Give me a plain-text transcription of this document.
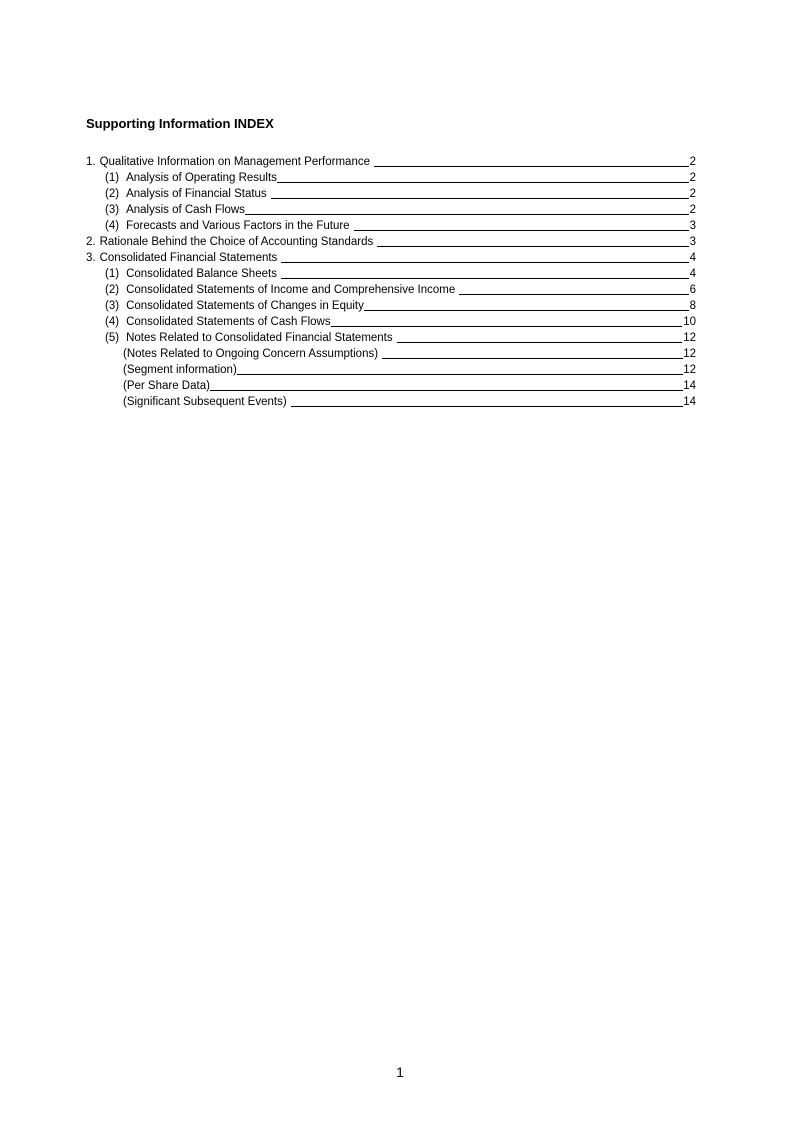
Supporting Information INDEX
1. Qualitative Information on Management Performance	2
(1) Analysis of Operating Results	2
(2) Analysis of Financial Status	2
(3) Analysis of Cash Flows	2
(4) Forecasts and Various Factors in the Future	3
2. Rationale Behind the Choice of Accounting Standards	3
3. Consolidated Financial Statements	4
(1) Consolidated Balance Sheets	4
(2) Consolidated Statements of Income and Comprehensive Income	6
(3) Consolidated Statements of Changes in Equity	8
(4) Consolidated Statements of Cash Flows	10
(5) Notes Related to Consolidated Financial Statements	12
(Notes Related to Ongoing Concern Assumptions)	12
(Segment information)	12
(Per Share Data)	14
(Significant Subsequent Events)	14
1
